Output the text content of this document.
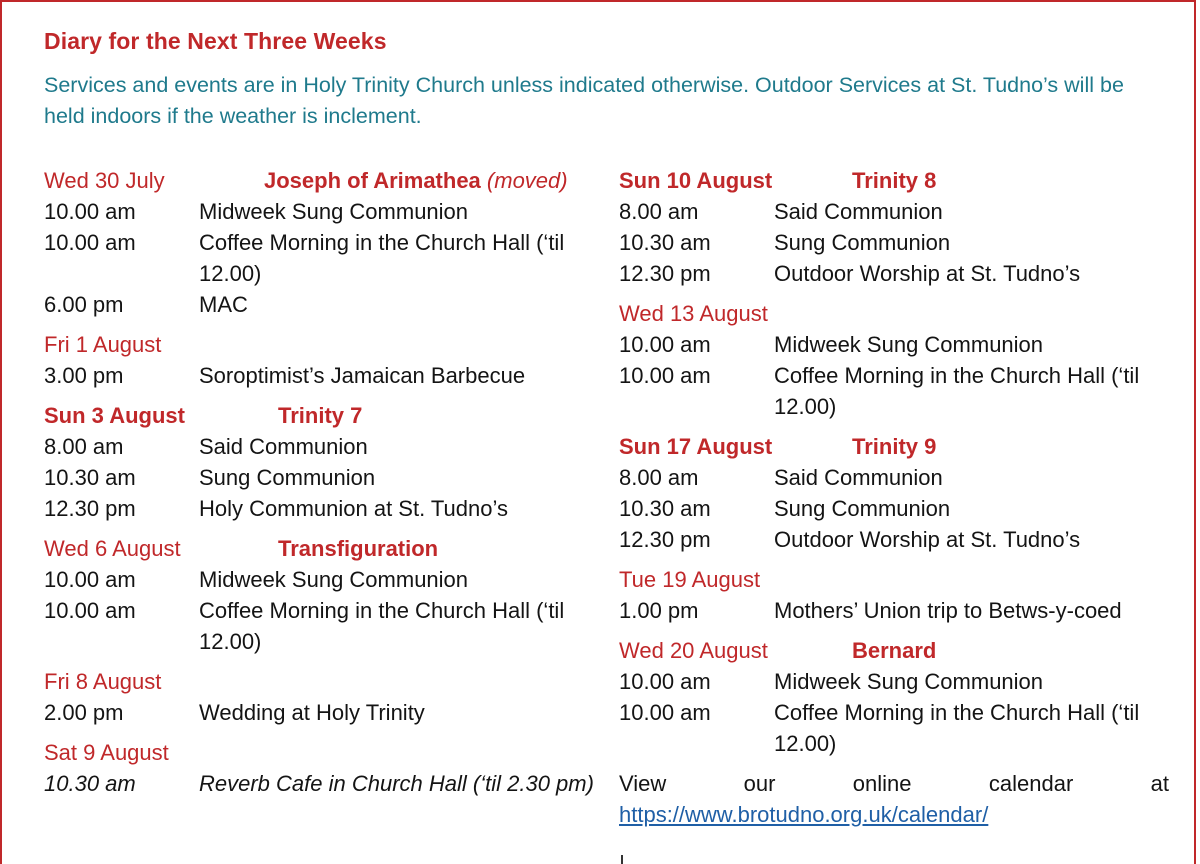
Diary for the Next Three Weeks
Services and events are in Holy Trinity Church unless indicated otherwise. Outdoor Services at St. Tudno’s will be held indoors if the weather is inclement.
Wed 30 July	Joseph of Arimathea (moved)
10.00 am	Midweek Sung Communion
10.00 am	Coffee Morning in the Church Hall (‘til 12.00)
6.00 pm	MAC
Fri 1 August
3.00 pm	Soroptimist’s Jamaican Barbecue
Sun 3 August	Trinity 7
8.00 am	Said Communion
10.30 am	Sung Communion
12.30 pm	Holy Communion at St. Tudno’s
Wed 6 August	Transfiguration
10.00 am	Midweek Sung Communion
10.00 am	Coffee Morning in the Church Hall (‘til 12.00)
Fri 8 August
2.00 pm	Wedding at Holy Trinity
Sat 9 August
10.30 am	Reverb Cafe in Church Hall (‘til 2.30 pm)
Sun 10 August	Trinity 8
8.00 am	Said Communion
10.30 am	Sung Communion
12.30 pm	Outdoor Worship at St. Tudno’s
Wed 13 August
10.00 am	Midweek Sung Communion
10.00 am	Coffee Morning in the Church Hall (‘til 12.00)
Sun 17 August	Trinity 9
8.00 am	Said Communion
10.30 am	Sung Communion
12.30 pm	Outdoor Worship at St. Tudno’s
Tue 19 August
1.00 pm	Mothers’ Union trip to Betws-y-coed
Wed 20 August	Bernard
10.00 am	Midweek Sung Communion
10.00 am	Coffee Morning in the Church Hall (‘til 12.00)
View our online calendar at https://www.brotudno.org.uk/calendar/
